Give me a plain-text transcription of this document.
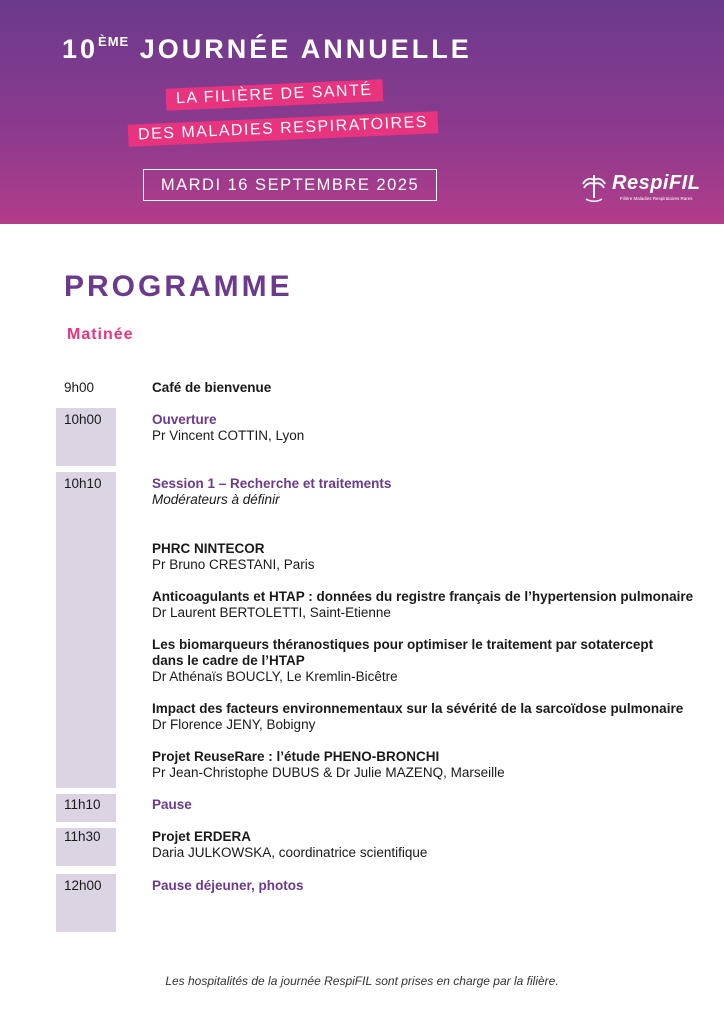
10ÈME JOURNÉE ANNUELLE
LA FILIÈRE DE SANTÉ
DES MALADIES RESPIRATOIRES
MARDI 16 SEPTEMBRE 2025	RespiFIL
Filière Maladies Respiratoires Rares
PROGRAMME
Matinée
9h00	Café de bienvenue
10h00	Ouverture
Pr Vincent COTTIN, Lyon
10h10	Session 1 – Recherche et traitements
Modérateurs à définir
PHRC NINTECOR
Pr Bruno CRESTANI, Paris
Anticoagulants et HTAP : données du registre français de l’hypertension pulmonaire
Dr Laurent BERTOLETTI, Saint-Etienne
Les biomarqueurs théranostiques pour optimiser le traitement par sotatercept
dans le cadre de l’HTAP
Dr Athénaïs BOUCLY, Le Kremlin-Bicêtre
Impact des facteurs environnementaux sur la sévérité de la sarcoïdose pulmonaire
Dr Florence JENY, Bobigny
Projet ReuseRare : l’étude PHENO-BRONCHI
Pr Jean-Christophe DUBUS & Dr Julie MAZENQ, Marseille
11h10	Pause
11h30	Projet ERDERA
Daria JULKOWSKA, coordinatrice scientifique
12h00	Pause déjeuner, photos
Les hospitalités de la journée RespiFIL sont prises en charge par la filière.
